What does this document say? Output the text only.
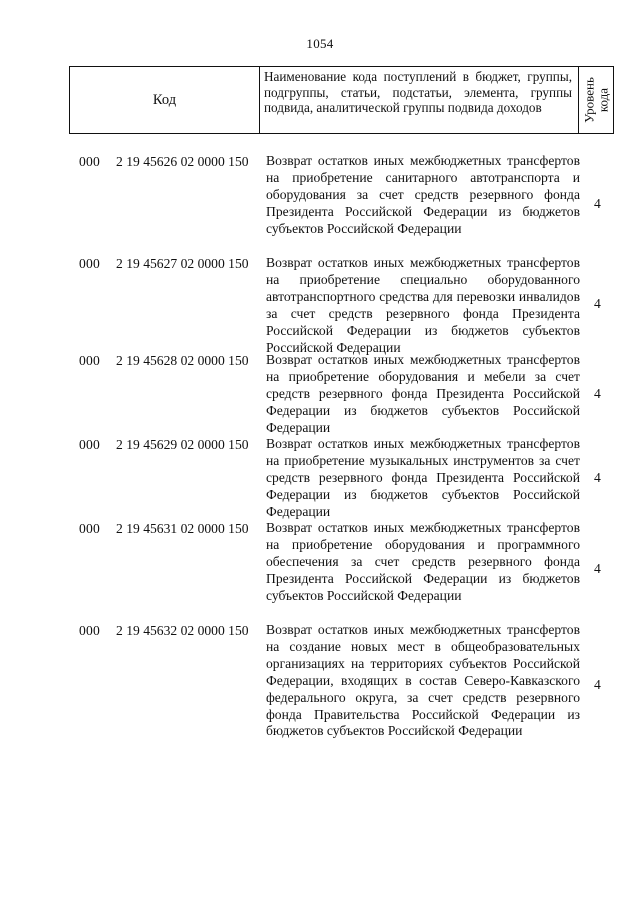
1054
Код
Наименование кода поступлений в бюджет, группы, подгруппы, статьи, подстатьи, элемента, группы подвида, аналитической группы подвида доходов	Уровень
кода
000 2 19 45626 02 0000 150 Возврат остатков иных межбюджетных трансфертов на приобретение санитарного автотранспорта и оборудования за счет средств резервного фонда Президента Российской Федерации из бюджетов субъектов Российской Федерации
4
000 2 19 45627 02 0000 150 Возврат остатков иных межбюджетных трансфертов на приобретение специально оборудованного автотранспортного средства для перевозки инвалидов за счет средств резервного фонда Президента Российской Федерации из бюджетов субъектов Российской Федерации
4
000 2 19 45628 02 0000 150 Возврат остатков иных межбюджетных трансфертов на приобретение оборудования и мебели за счет средств резервного фонда Президента Российской Федерации из бюджетов субъектов Российской Федерации
4
000 2 19 45629 02 0000 150 Возврат остатков иных межбюджетных трансфертов на приобретение музыкальных инструментов за счет средств резервного фонда Президента Российской Федерации из бюджетов субъектов Российской Федерации
4
000 2 19 45631 02 0000 150 Возврат остатков иных межбюджетных трансфертов на приобретение оборудования и программного обеспечения за счет средств резервного фонда Президента Российской Федерации из бюджетов субъектов Российской Федерации
4
000 2 19 45632 02 0000 150 Возврат остатков иных межбюджетных трансфертов на создание новых мест в общеобразовательных организациях на территориях субъектов Российской Федерации, входящих в состав Северо-Кавказского федерального округа, за счет средств резервного фонда Правительства Российской Федерации из бюджетов субъектов Российской Федерации
4
